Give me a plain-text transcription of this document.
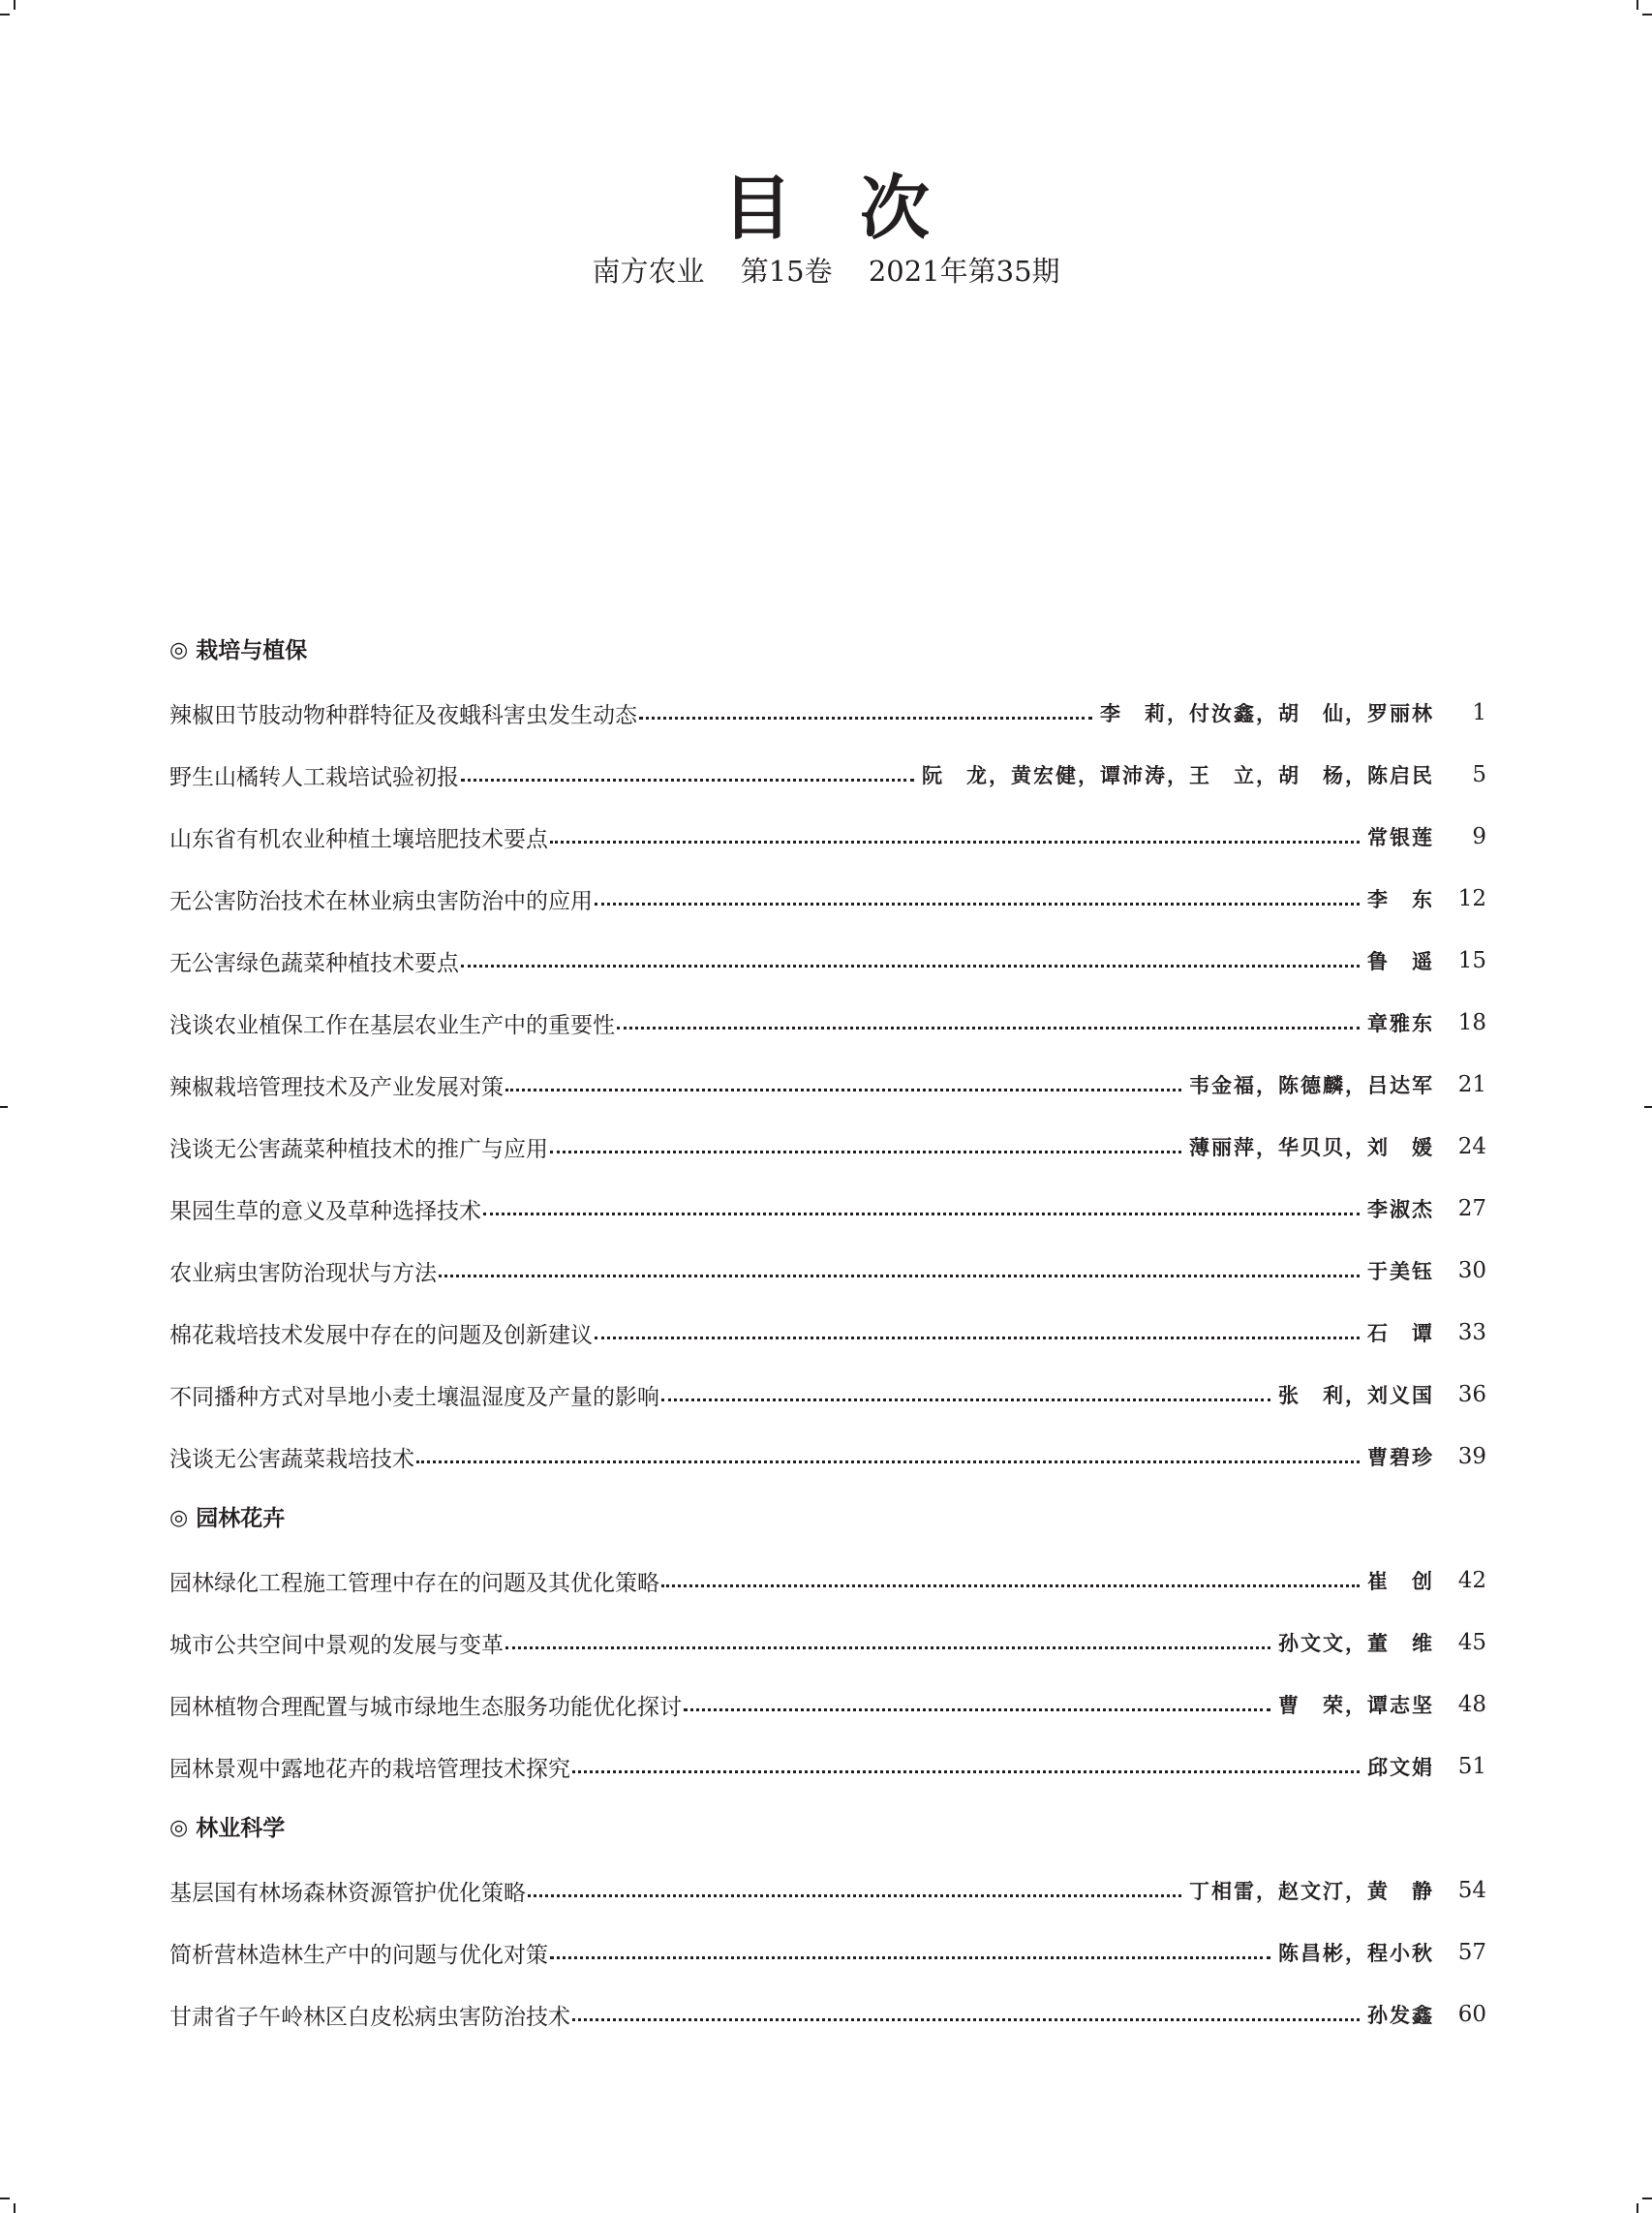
目次
南方农业 第15卷 2021年第35期
◎ 栽培与植保
辣椒田节肢动物种群特征及夜蛾科害虫发生动态	李　莉，付汝鑫，胡　仙，罗丽林	1
野生山橘转人工栽培试验初报	阮　龙，黄宏健，谭沛涛，王　立，胡　杨，陈启民	5
山东省有机农业种植土壤培肥技术要点	常银莲	9
无公害防治技术在林业病虫害防治中的应用	李　东	12
无公害绿色蔬菜种植技术要点	鲁　遥	15
浅谈农业植保工作在基层农业生产中的重要性	章雅东	18
辣椒栽培管理技术及产业发展对策	韦金福，陈德麟，吕达军	21
浅谈无公害蔬菜种植技术的推广与应用	薄丽萍，华贝贝，刘　媛	24
果园生草的意义及草种选择技术	李淑杰	27
农业病虫害防治现状与方法	于美钰	30
棉花栽培技术发展中存在的问题及创新建议	石　谭	33
不同播种方式对旱地小麦土壤温湿度及产量的影响	张　利，刘义国	36
浅谈无公害蔬菜栽培技术	曹碧珍	39
◎ 园林花卉
园林绿化工程施工管理中存在的问题及其优化策略	崔　创	42
城市公共空间中景观的发展与变革	孙文文，董　维	45
园林植物合理配置与城市绿地生态服务功能优化探讨	曹　荣，谭志坚	48
园林景观中露地花卉的栽培管理技术探究	邱文娟	51
◎ 林业科学
基层国有林场森林资源管护优化策略	丁相雷，赵文汀，黄　静	54
简析营林造林生产中的问题与优化对策	陈昌彬，程小秋	57
甘肃省子午岭林区白皮松病虫害防治技术	孙发鑫	60
